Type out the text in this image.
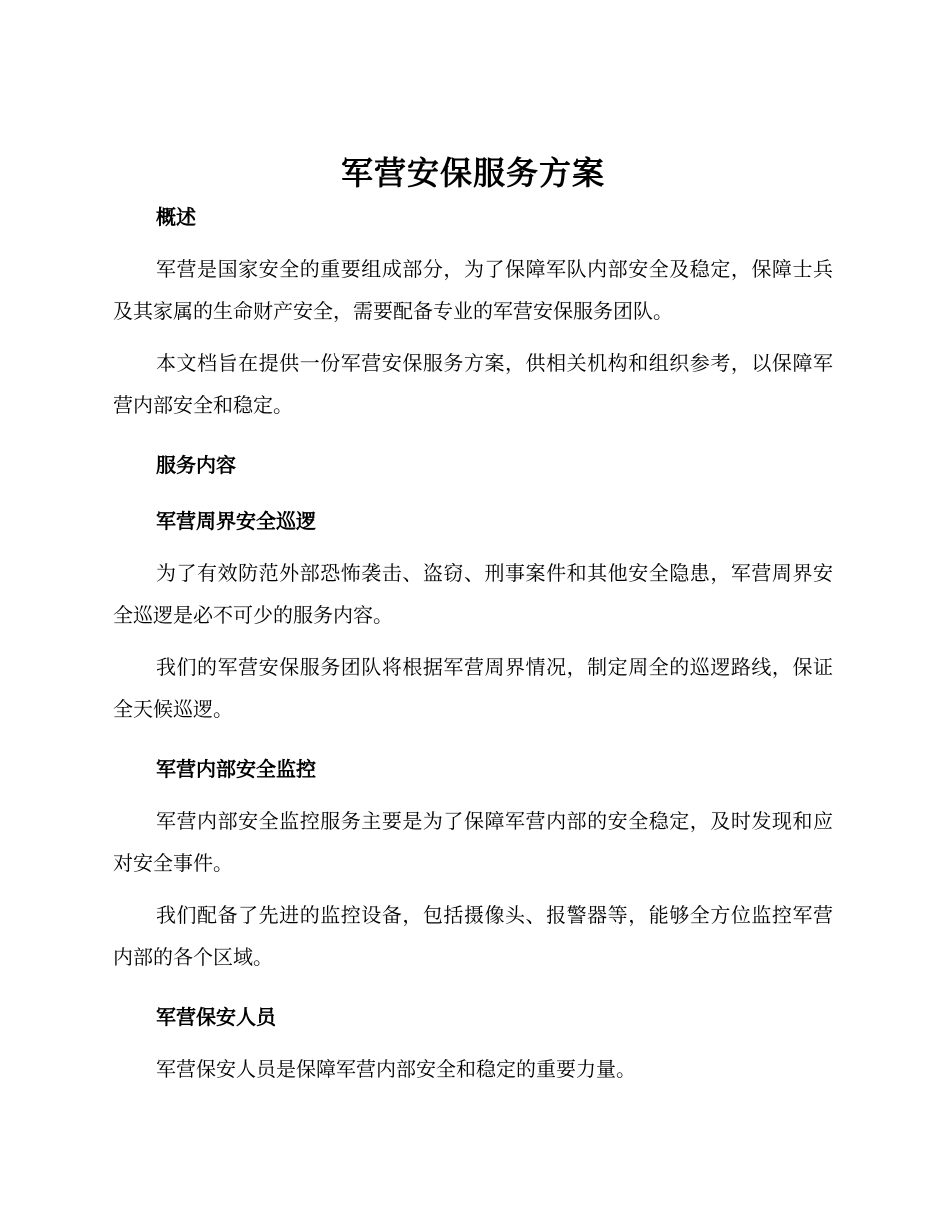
军营安保服务方案
概述

军营是国家安全的重要组成部分，为了保障军队内部安全及稳定，保障士兵及其家属的生命财产安全，需要配备专业的军营安保服务团队。

本文档旨在提供一份军营安保服务方案，供相关机构和组织参考，以保障军营内部安全和稳定。

服务内容
军营周界安全巡逻

为了有效防范外部恐怖袭击、盗窃、刑事案件和其他安全隐患，军营周界安全巡逻是必不可少的服务内容。

我们的军营安保服务团队将根据军营周界情况，制定周全的巡逻路线，保证全天候巡逻。

军营内部安全监控

军营内部安全监控服务主要是为了保障军营内部的安全稳定，及时发现和应对安全事件。

我们配备了先进的监控设备，包括摄像头、报警器等，能够全方位监控军营内部的各个区域。

军营保安人员

军营保安人员是保障军营内部安全和稳定的重要力量。
